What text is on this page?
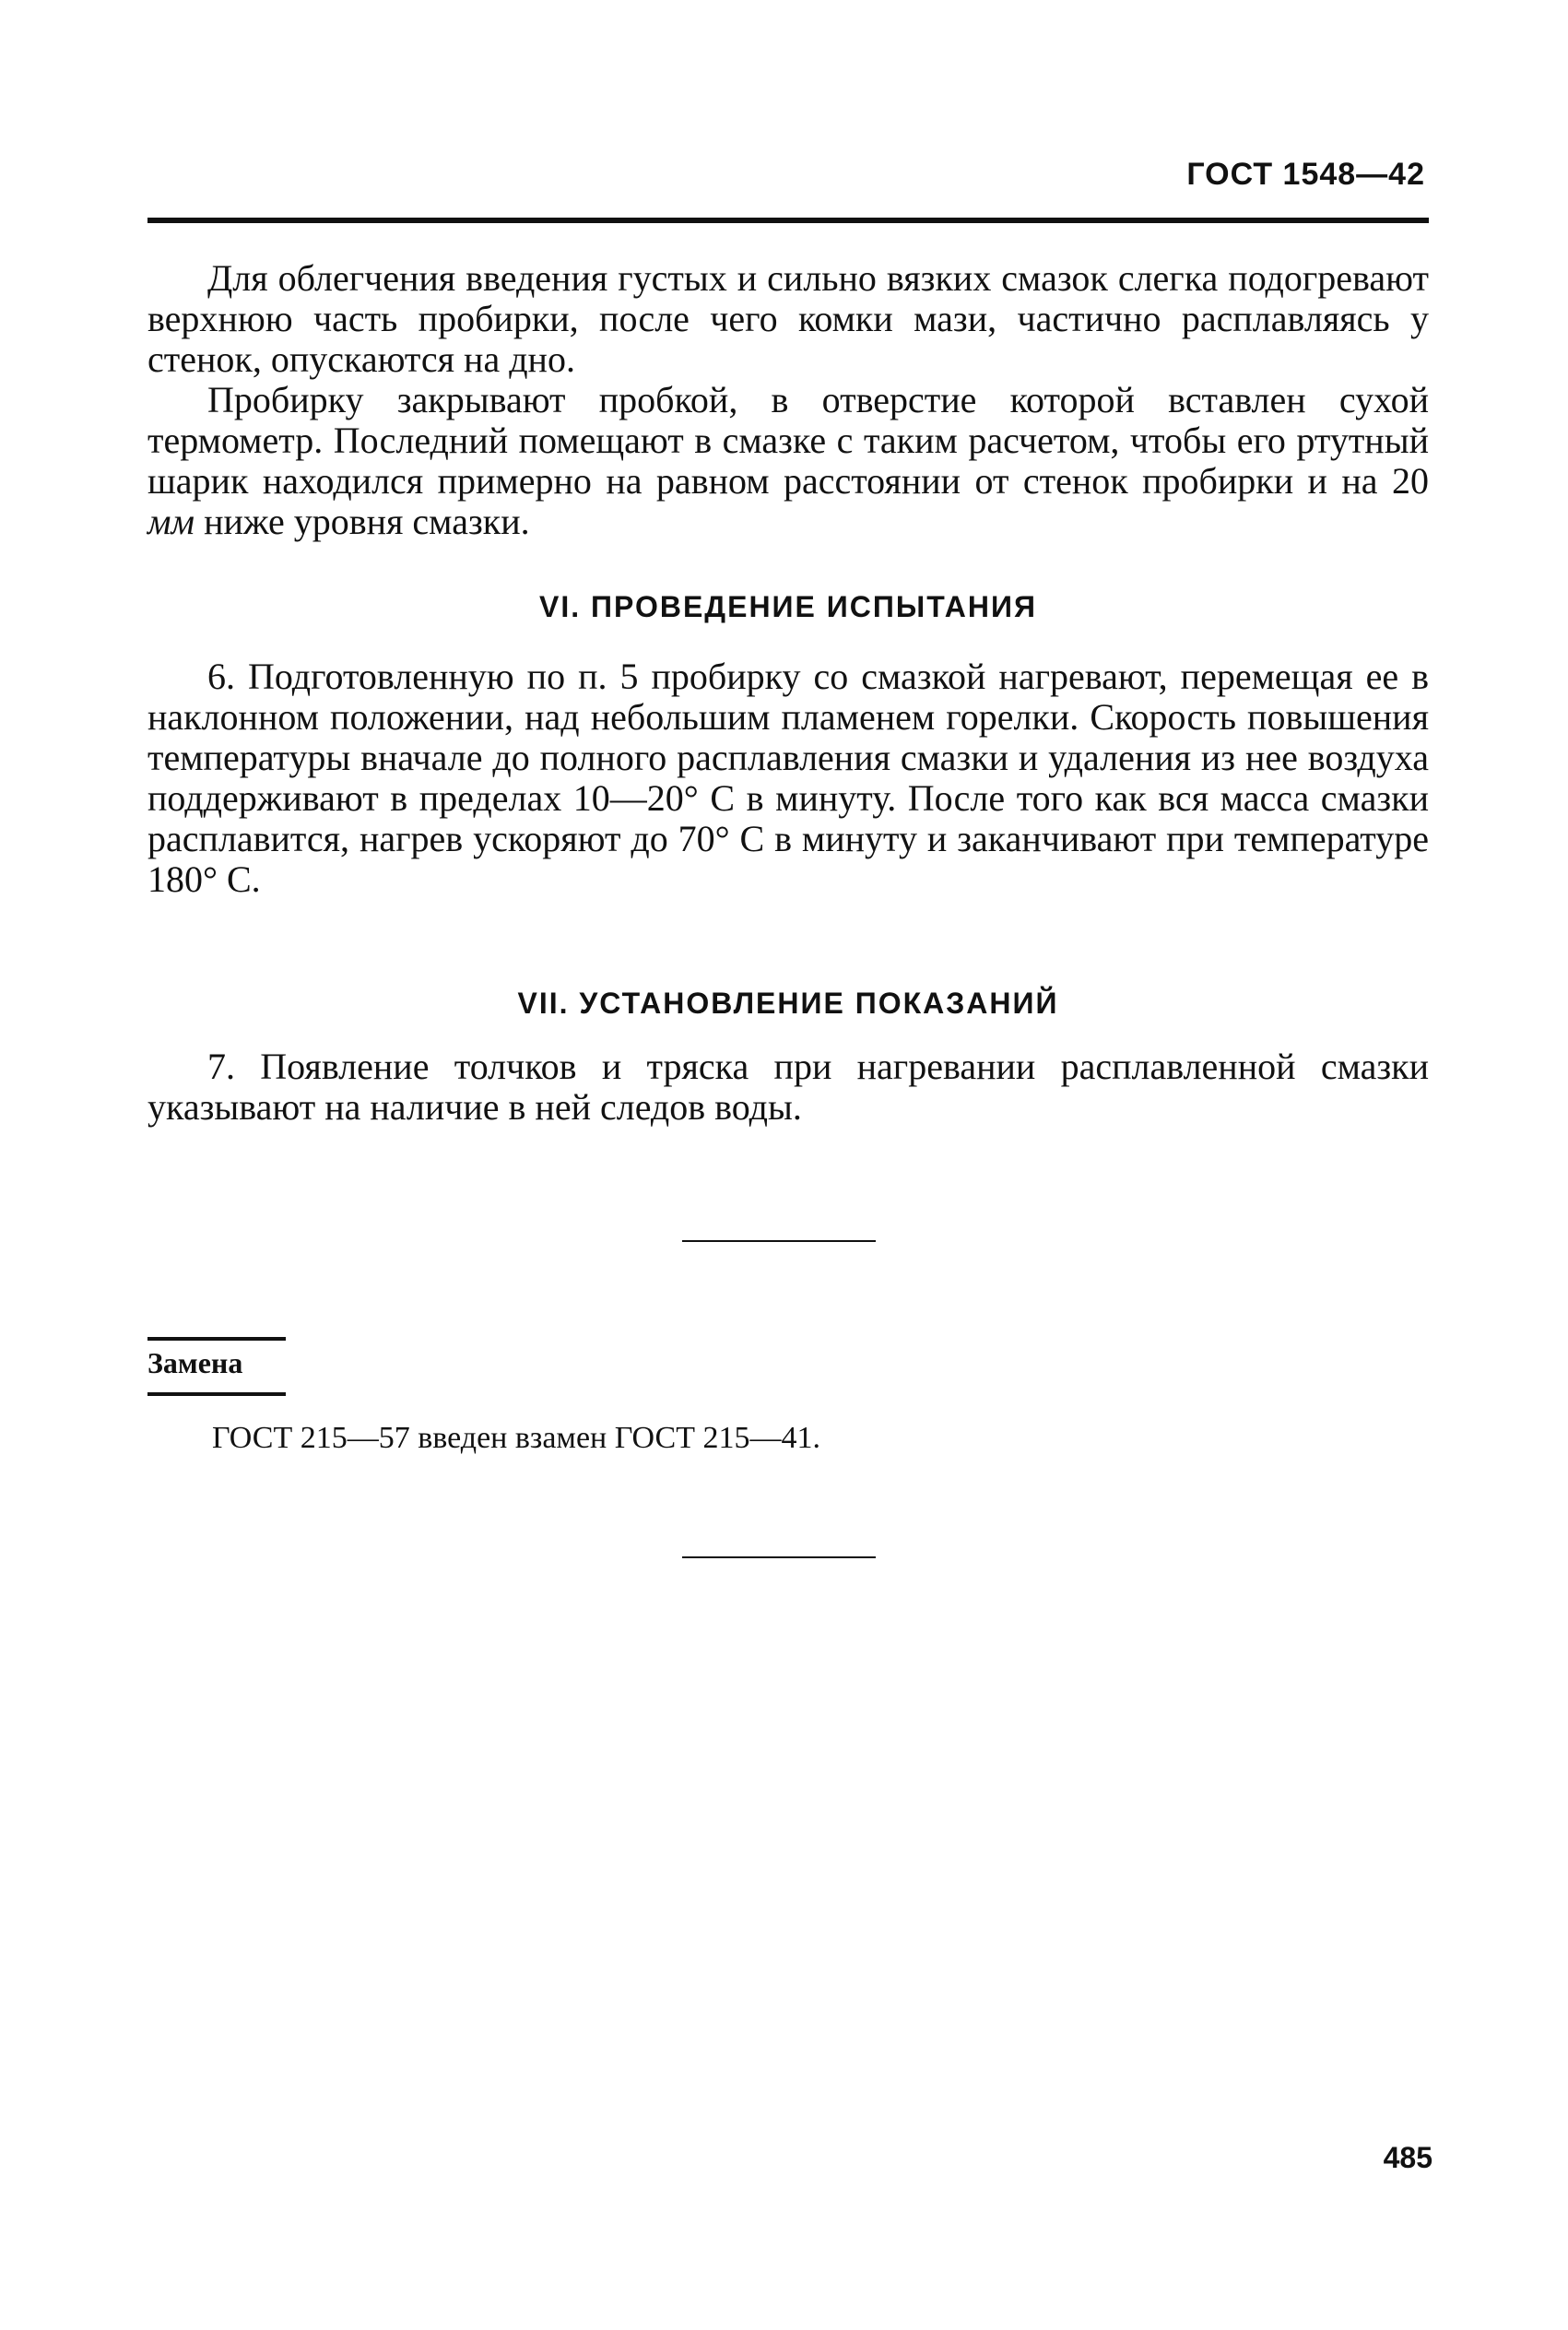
ГОСТ 1548—42

Для облегчения введения густых и сильно вязких смазок слегка подогревают верхнюю часть пробирки, после чего комки мази, частично расплавляясь у стенок, опускаются на дно.

Пробирку закрывают пробкой, в отверстие которой вставлен сухой термометр. Последний помещают в смазке с таким расчетом, чтобы его ртутный шарик находился примерно на равном расстоянии от стенок пробирки и на 20 мм ниже уровня смазки.

VI. ПРОВЕДЕНИЕ ИСПЫТАНИЯ

6. Подготовленную по п. 5 пробирку со смазкой нагревают, перемещая ее в наклонном положении, над небольшим пламенем горелки. Скорость повышения температуры вначале до полного расплавления смазки и удаления из нее воздуха поддерживают в пределах 10—20° С в минуту. После того как вся масса смазки расплавится, нагрев ускоряют до 70° С в минуту и заканчивают при температуре 180° С.

VII. УСТАНОВЛЕНИЕ ПОКАЗАНИЙ

7. Появление толчков и тряска при нагревании расплавленной смазки указывают на наличие в ней следов воды.

Замена
ГОСТ 215—57 введен взамен ГОСТ 215—41.
485
